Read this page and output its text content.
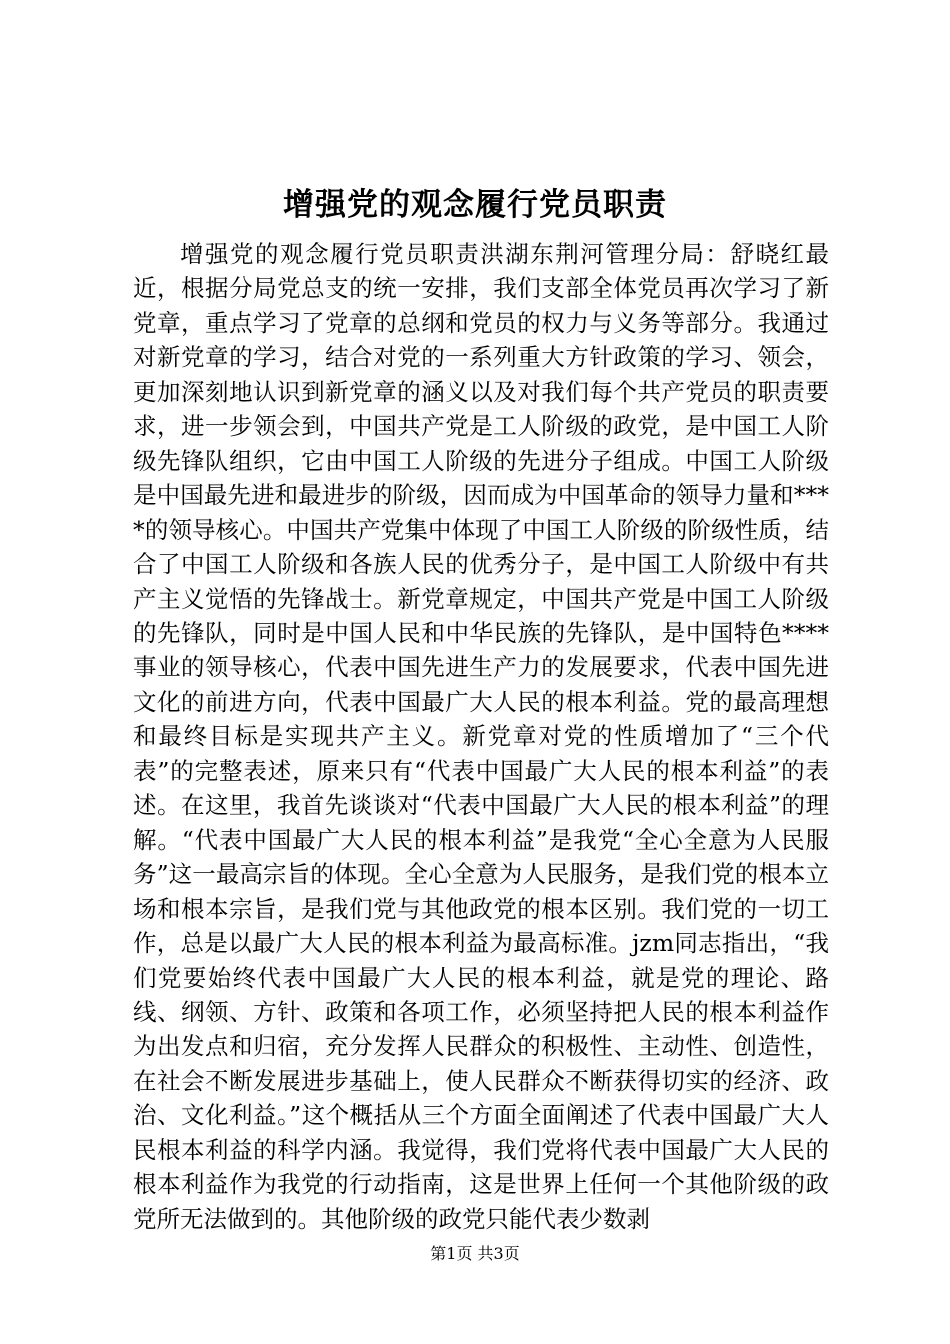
增强党的观念履行党员职责

增强党的观念履行党员职责洪湖东荆河管理分局：舒晓红最近，根据分局党总支的统一安排，我们支部全体党员再次学习了新党章，重点学习了党章的总纲和党员的权力与义务等部分。我通过对新党章的学习，结合对党的一系列重大方针政策的学习、领会，更加深刻地认识到新党章的涵义以及对我们每个共产党员的职责要求，进一步领会到，中国共产党是工人阶级的政党，是中国工人阶级先锋队组织，它由中国工人阶级的先进分子组成。中国工人阶级是中国最先进和最进步的阶级，因而成为中国革命的领导力量和****的领导核心。中国共产党集中体现了中国工人阶级的阶级性质，结合了中国工人阶级和各族人民的优秀分子，是中国工人阶级中有共产主义觉悟的先锋战士。新党章规定，中国共产党是中国工人阶级的先锋队，同时是中国人民和中华民族的先锋队，是中国特色****事业的领导核心，代表中国先进生产力的发展要求，代表中国先进文化的前进方向，代表中国最广大人民的根本利益。党的最高理想和最终目标是实现共产主义。新党章对党的性质增加了“三个代表”的完整表述，原来只有“代表中国最广大人民的根本利益”的表述。在这里，我首先谈谈对“代表中国最广大人民的根本利益”的理解。“代表中国最广大人民的根本利益”是我党“全心全意为人民服务”这一最高宗旨的体现。全心全意为人民服务，是我们党的根本立场和根本宗旨，是我们党与其他政党的根本区别。我们党的一切工作，总是以最广大人民的根本利益为最高标准。jzm同志指出，“我们党要始终代表中国最广大人民的根本利益，就是党的理论、路线、纲领、方针、政策和各项工作，必须坚持把人民的根本利益作为出发点和归宿，充分发挥人民群众的积极性、主动性、创造性，在社会不断发展进步基础上，使人民群众不断获得切实的经济、政治、文化利益。”这个概括从三个方面全面阐述了代表中国最广大人民根本利益的科学内涵。我觉得，我们党将代表中国最广大人民的根本利益作为我党的行动指南，这是世界上任何一个其他阶级的政党所无法做到的。其他阶级的政党只能代表少数剥

第1页 共3页
